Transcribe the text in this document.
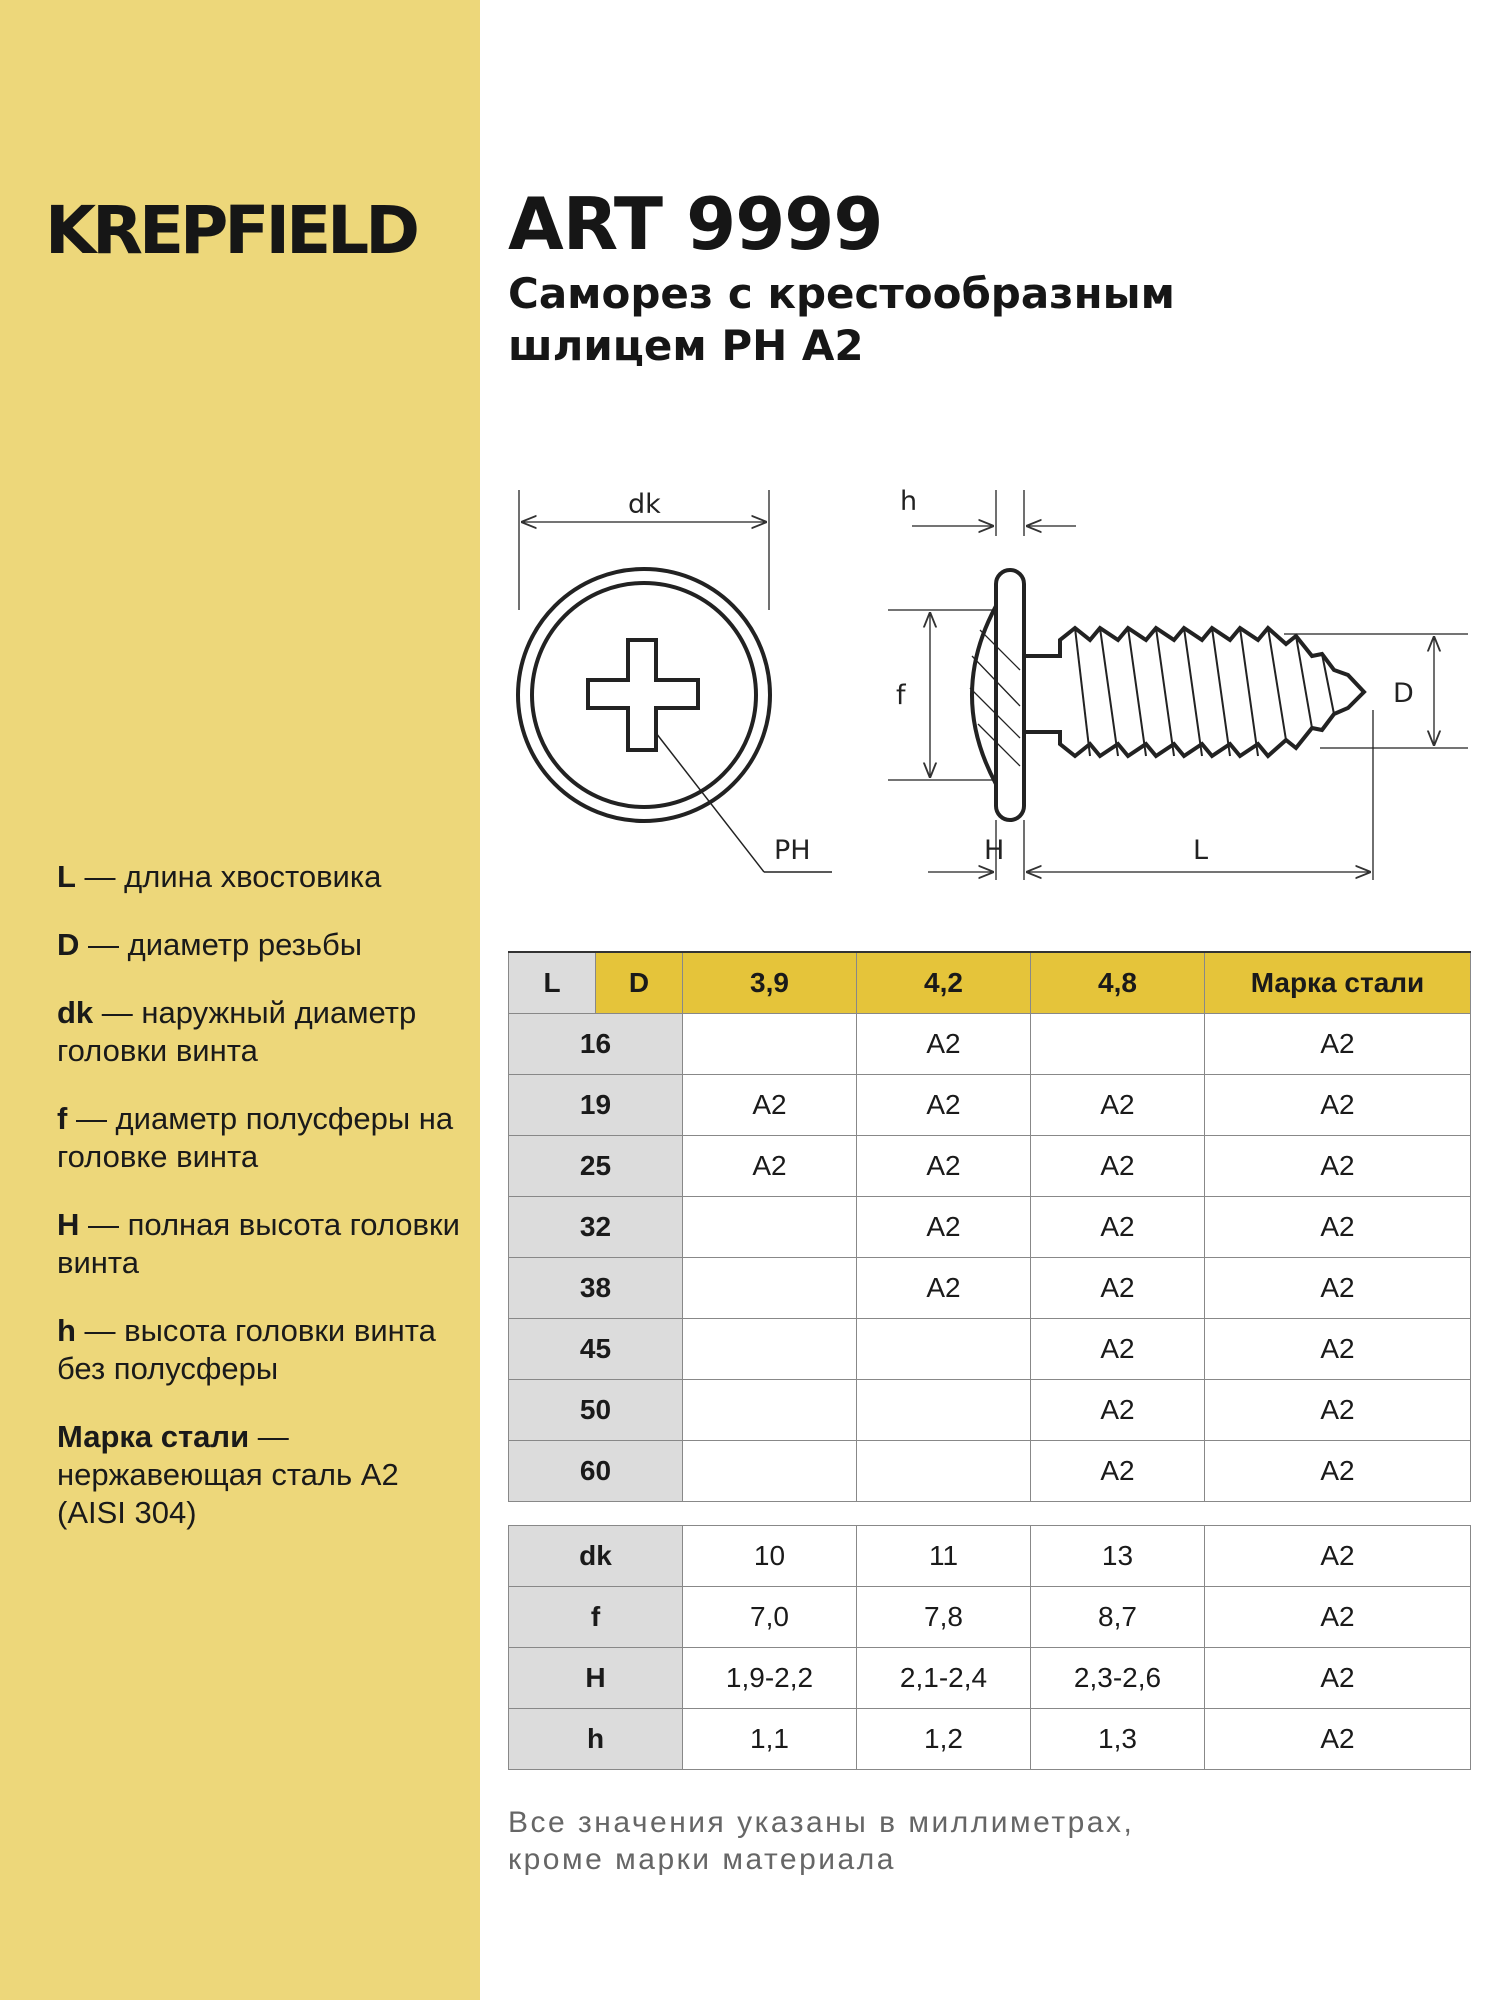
KREPFIELD ART 9999
Саморез с крестообразным
шлицем PH A2
dk
PH
h
f	D
H	L
L — длина хвостовика
D — диаметр резьбы
dk — наружный диаметр головки винта
f — диаметр полусферы на головке винта
H — полная высота головки винта
h — высота головки винта без полусферы
Марка стали — нержавеющая сталь A2 (AISI 304)
L	D	3,9	4,2	4,8	Марка стали
16			A2		A2
19		A2	A2	A2	A2
25		A2	A2	A2	A2
32			A2	A2	A2
38			A2	A2	A2
45				A2	A2
50				A2	A2
60				A2	A2
dk	10	11	13	A2
f	7,0	7,8	8,7	A2
H	1,9-2,2	2,1-2,4	2,3-2,6	A2
h	1,1	1,2	1,3	A2
Все значения указаны в миллиметрах,
кроме марки материала
